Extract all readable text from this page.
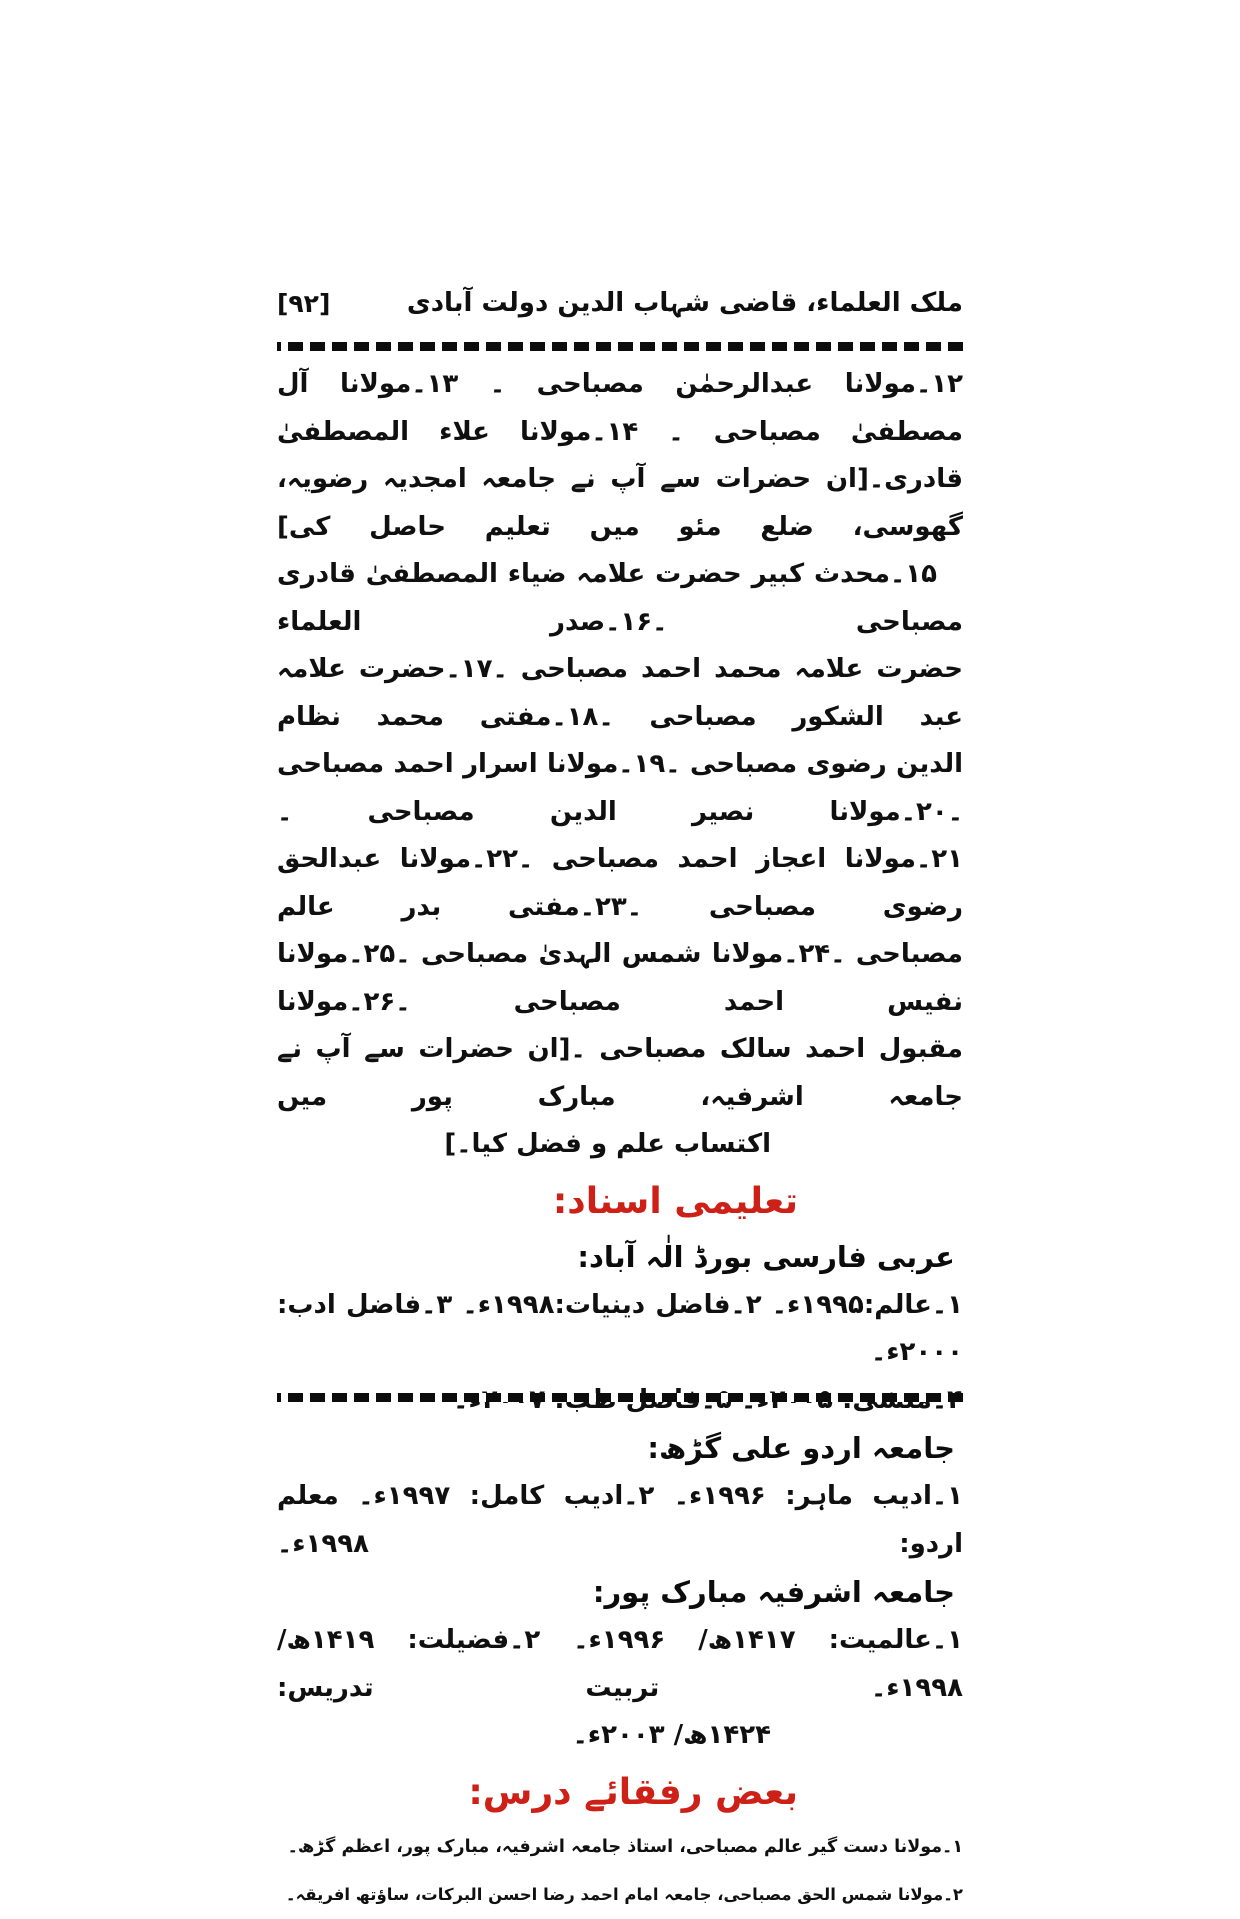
ملک العلماء، قاضی شہاب الدین دولت آبادی
[۹۲]
۱۲۔مولانا عبدالرحمٰن مصباحی ۔ ۱۳۔مولانا آل مصطفیٰ مصباحی ۔ ۱۴۔مولانا علاء المصطفیٰ
قادری۔[ان حضرات سے آپ نے جامعہ امجدیہ رضویہ، گھوسی، ضلع مئو میں تعلیم حاصل کی]
۱۵۔محدث کبیر حضرت علامہ ضیاء المصطفیٰ قادری مصباحی ۔۱۶۔صدر العلماء
حضرت علامہ محمد احمد مصباحی ۔۱۷۔حضرت علامہ عبد الشکور مصباحی ۔۱۸۔مفتی محمد نظام
الدین رضوی مصباحی ۔۱۹۔مولانا اسرار احمد مصباحی ۔۲۰۔مولانا نصیر الدین مصباحی ۔
۲۱۔مولانا اعجاز احمد مصباحی ۔۲۲۔مولانا عبدالحق رضوی مصباحی ۔۲۳۔مفتی بدر عالم
مصباحی ۔۲۴۔مولانا شمس الہدیٰ مصباحی ۔۲۵۔مولانا نفیس احمد مصباحی ۔۲۶۔مولانا
مقبول احمد سالک مصباحی ۔[ان حضرات سے آپ نے جامعہ اشرفیہ، مبارک پور میں
اکتساب علم و فضل کیا۔]
تعلیمی اسناد:
عربی فارسی بورڈ الٰہ آباد:
۱۔عالم:۱۹۹۵ء۔ ۲۔فاضل دینیات:۱۹۹۸ء۔ ۳۔فاضل ادب: ۲۰۰۰ء۔
جامعہ اردو علی گڑھ:
۱۔ادیب ماہر: ۱۹۹۶ء۔ ۲۔ادیب کامل: ۱۹۹۷ء۔ معلم اردو: ۱۹۹۸ء۔
جامعہ اشرفیہ مبارک پور:
۱۔عالمیت: ۱۴۱۷ھ/ ۱۹۹۶ء۔ ۲۔فضیلت: ۱۴۱۹ھ/ ۱۹۹۸ء۔ تربیت تدریس:
۱۴۲۴ھ/ ۲۰۰۳ء۔
بعض رفقائے درس:
۱۔مولانا دست گیر عالم مصباحی، استاذ جامعہ اشرفیہ، مبارک پور، اعظم گڑھ۔
۲۔مولانا شمس الحق مصباحی، جامعہ امام احمد رضا احسن البرکات، ساؤتھ افریقہ۔
